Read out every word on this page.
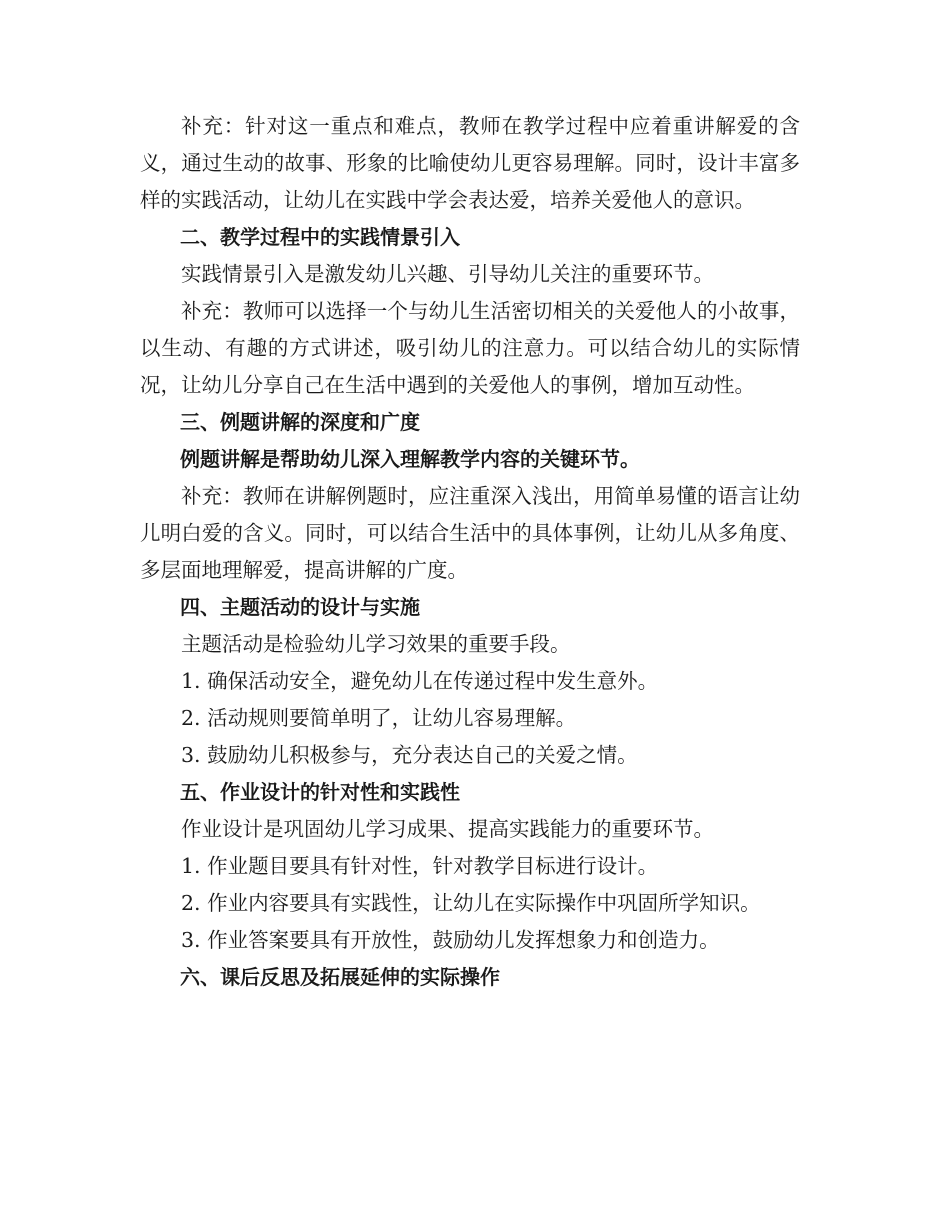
补充：针对这一重点和难点，教师在教学过程中应着重讲解爱的含义，通过生动的故事、形象的比喻使幼儿更容易理解。同时，设计丰富多样的实践活动，让幼儿在实践中学会表达爱，培养关爱他人的意识。

二、教学过程中的实践情景引入

实践情景引入是激发幼儿兴趣、引导幼儿关注的重要环节。

补充：教师可以选择一个与幼儿生活密切相关的关爱他人的小故事，以生动、有趣的方式讲述，吸引幼儿的注意力。可以结合幼儿的实际情况，让幼儿分享自己在生活中遇到的关爱他人的事例，增加互动性。

三、例题讲解的深度和广度

例题讲解是帮助幼儿深入理解教学内容的关键环节。

补充：教师在讲解例题时，应注重深入浅出，用简单易懂的语言让幼儿明白爱的含义。同时，可以结合生活中的具体事例，让幼儿从多角度、多层面地理解爱，提高讲解的广度。

四、主题活动的设计与实施

主题活动是检验幼儿学习效果的重要手段。

1. 确保活动安全，避免幼儿在传递过程中发生意外。

2. 活动规则要简单明了，让幼儿容易理解。

3. 鼓励幼儿积极参与，充分表达自己的关爱之情。

五、作业设计的针对性和实践性

作业设计是巩固幼儿学习成果、提高实践能力的重要环节。

1. 作业题目要具有针对性，针对教学目标进行设计。

2. 作业内容要具有实践性，让幼儿在实际操作中巩固所学知识。

3. 作业答案要具有开放性，鼓励幼儿发挥想象力和创造力。

六、课后反思及拓展延伸的实际操作
